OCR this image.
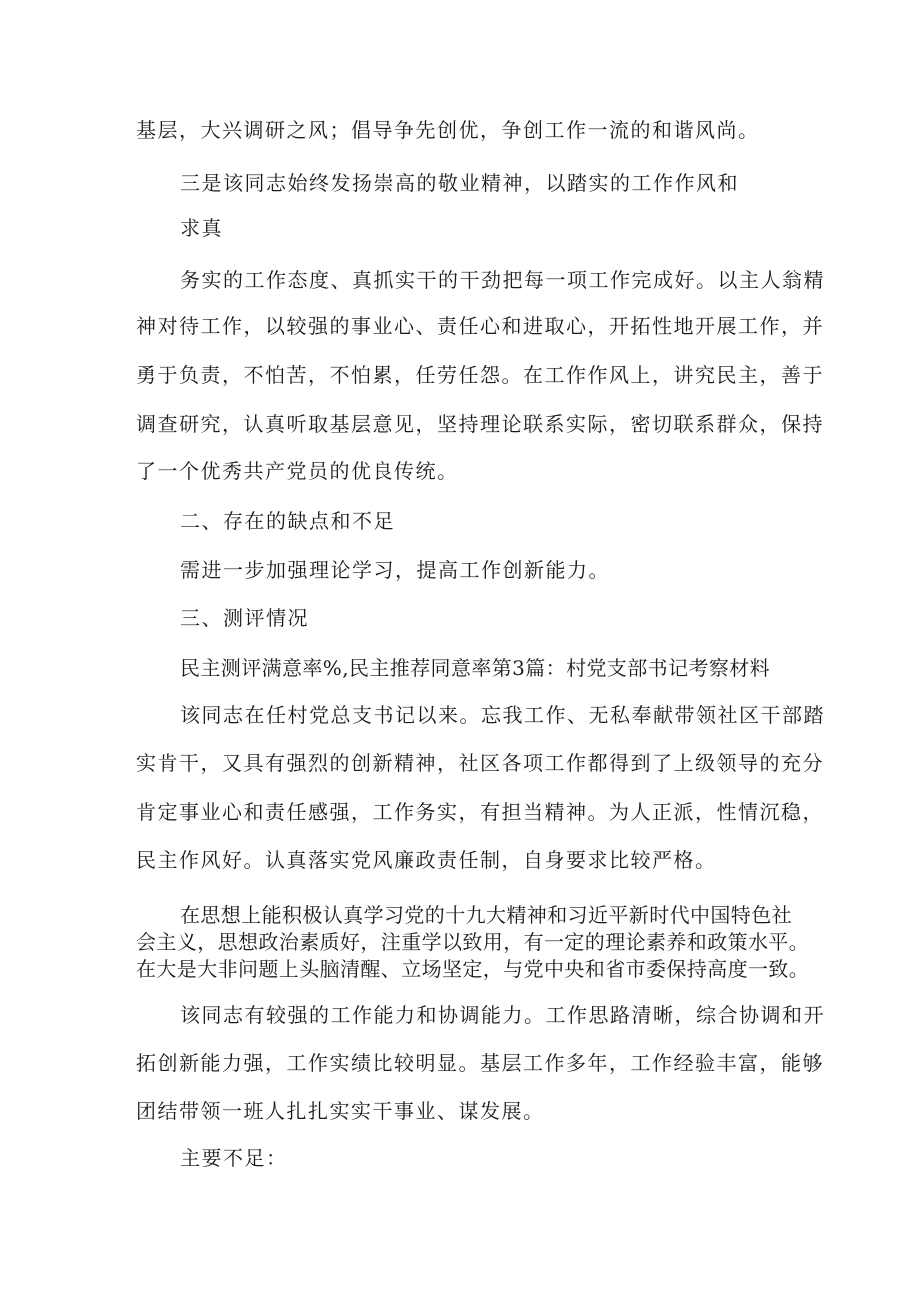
基层，大兴调研之风；倡导争先创优，争创工作一流的和谐风尚。

三是该同志始终发扬崇高的敬业精神，以踏实的工作作风和

求真

务实的工作态度、真抓实干的干劲把每一项工作完成好。以主人翁精

神对待工作，以较强的事业心、责任心和进取心，开拓性地开展工作，并

勇于负责，不怕苦，不怕累，任劳任怨。在工作作风上，讲究民主，善于

调查研究，认真听取基层意见，坚持理论联系实际，密切联系群众，保持

了一个优秀共产党员的优良传统。

二、存在的缺点和不足

需进一步加强理论学习，提高工作创新能力。

三、测评情况

民主测评满意率%,民主推荐同意率第3篇：村党支部书记考察材料

该同志在任村党总支书记以来。忘我工作、无私奉献带领社区干部踏

实肯干，又具有强烈的创新精神，社区各项工作都得到了上级领导的充分

肯定事业心和责任感强，工作务实，有担当精神。为人正派，性情沉稳，

民主作风好。认真落实党风廉政责任制，自身要求比较严格。

在思想上能积极认真学习党的十九大精神和习近平新时代中国特色社

会主义，思想政治素质好，注重学以致用，有一定的理论素养和政策水平。

在大是大非问题上头脑清醒、立场坚定，与党中央和省市委保持高度一致。

该同志有较强的工作能力和协调能力。工作思路清晰，综合协调和开

拓创新能力强，工作实绩比较明显。基层工作多年，工作经验丰富，能够

团结带领一班人扎扎实实干事业、谋发展。

主要不足：
